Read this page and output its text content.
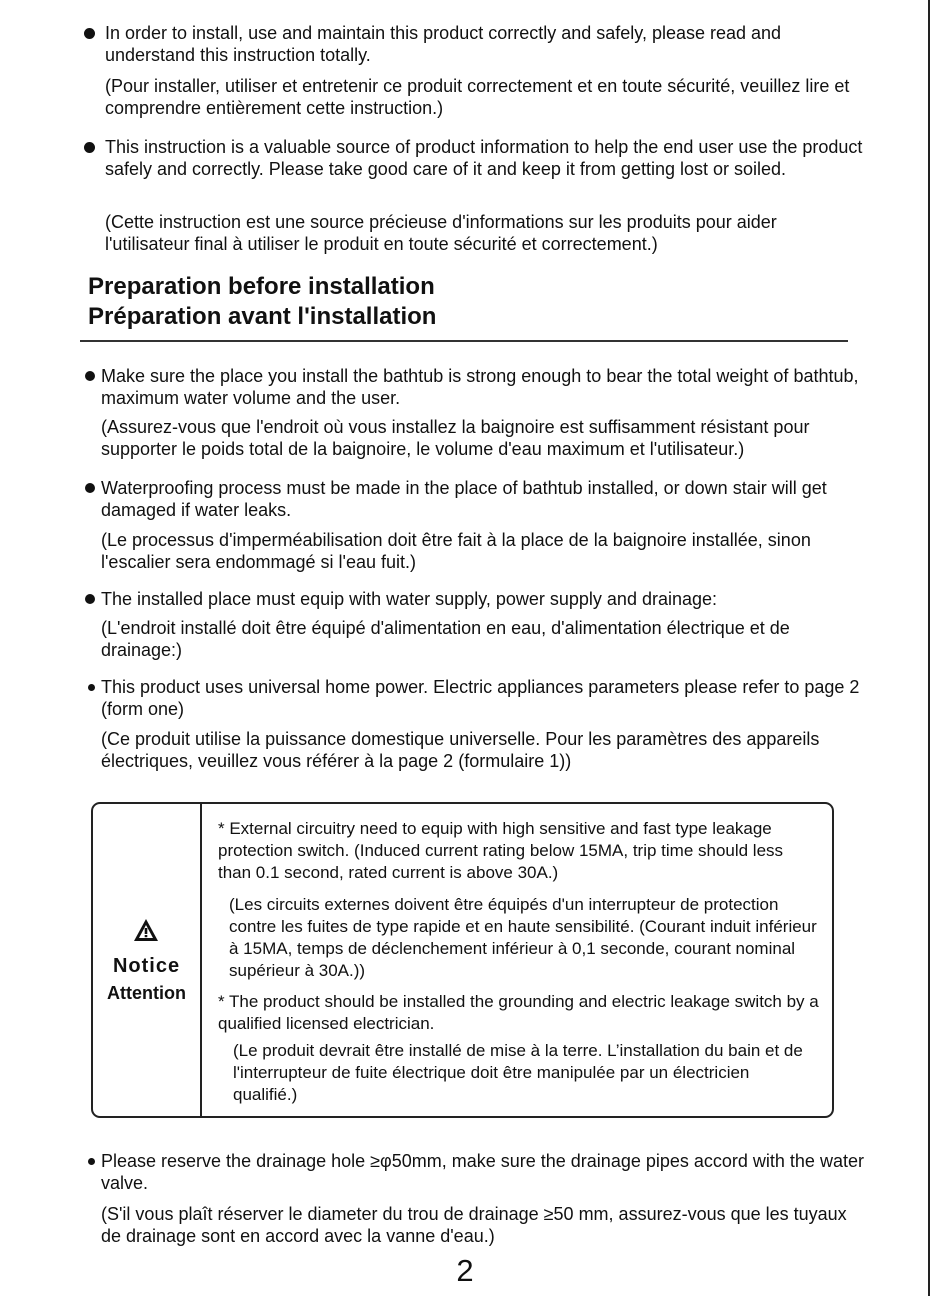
In order to install, use and maintain this product correctly and safely, please read and understand this instruction totally.
(Pour installer, utiliser et entretenir ce produit correctement et en toute sécurité, veuillez lire et comprendre entièrement cette instruction.)
This instruction is a valuable source of product information to help the end user use the product safely and correctly. Please take good care of it and keep it from getting lost or soiled.
(Cette instruction est une source précieuse d'informations sur les produits pour aider l'utilisateur final à utiliser le produit en toute sécurité et correctement.)
Preparation before installation
Préparation avant l'installation
Make sure the place you install the bathtub is strong enough to bear the total weight of bathtub, maximum water volume and the user.
(Assurez-vous que l'endroit où vous installez la baignoire est suffisamment résistant pour supporter le poids total de la baignoire, le volume d'eau maximum et l'utilisateur.)
Waterproofing process must be made in the place of bathtub installed, or down stair will get damaged if water leaks.
(Le processus d'imperméabilisation doit être fait à la place de la baignoire installée, sinon l'escalier sera endommagé si l'eau fuit.)
The installed place must equip with water supply, power supply and drainage:
(L'endroit installé doit être équipé d'alimentation en eau, d'alimentation électrique et de drainage:)
This product uses universal home power. Electric appliances parameters please refer to page 2 (form one)
(Ce produit utilise la puissance domestique universelle. Pour les paramètres des appareils électriques, veuillez vous référer à la page 2 (formulaire 1))
Notice
Attention
* External circuitry need to equip with high sensitive and fast type leakage protection switch. (Induced current rating below 15MA, trip time should less than 0.1 second, rated current is above 30A.)
(Les circuits externes doivent être équipés d'un interrupteur de protection contre les fuites de type rapide et en haute sensibilité. (Courant induit inférieur à 15MA, temps de déclenchement inférieur à 0,1 seconde, courant nominal supérieur à 30A.))
* The product should be installed the grounding and electric leakage switch by a qualified licensed electrician.
(Le produit devrait être installé de mise à la terre. L’installation du bain et de l'interrupteur de fuite électrique doit être manipulée par un électricien qualifié.)
Please reserve the drainage hole ≥φ50mm, make sure the drainage pipes accord with the water valve.
(S'il vous plaît réserver le diameter du trou de drainage ≥50 mm, assurez-vous que les tuyaux de drainage sont en accord avec la vanne d'eau.)
2
